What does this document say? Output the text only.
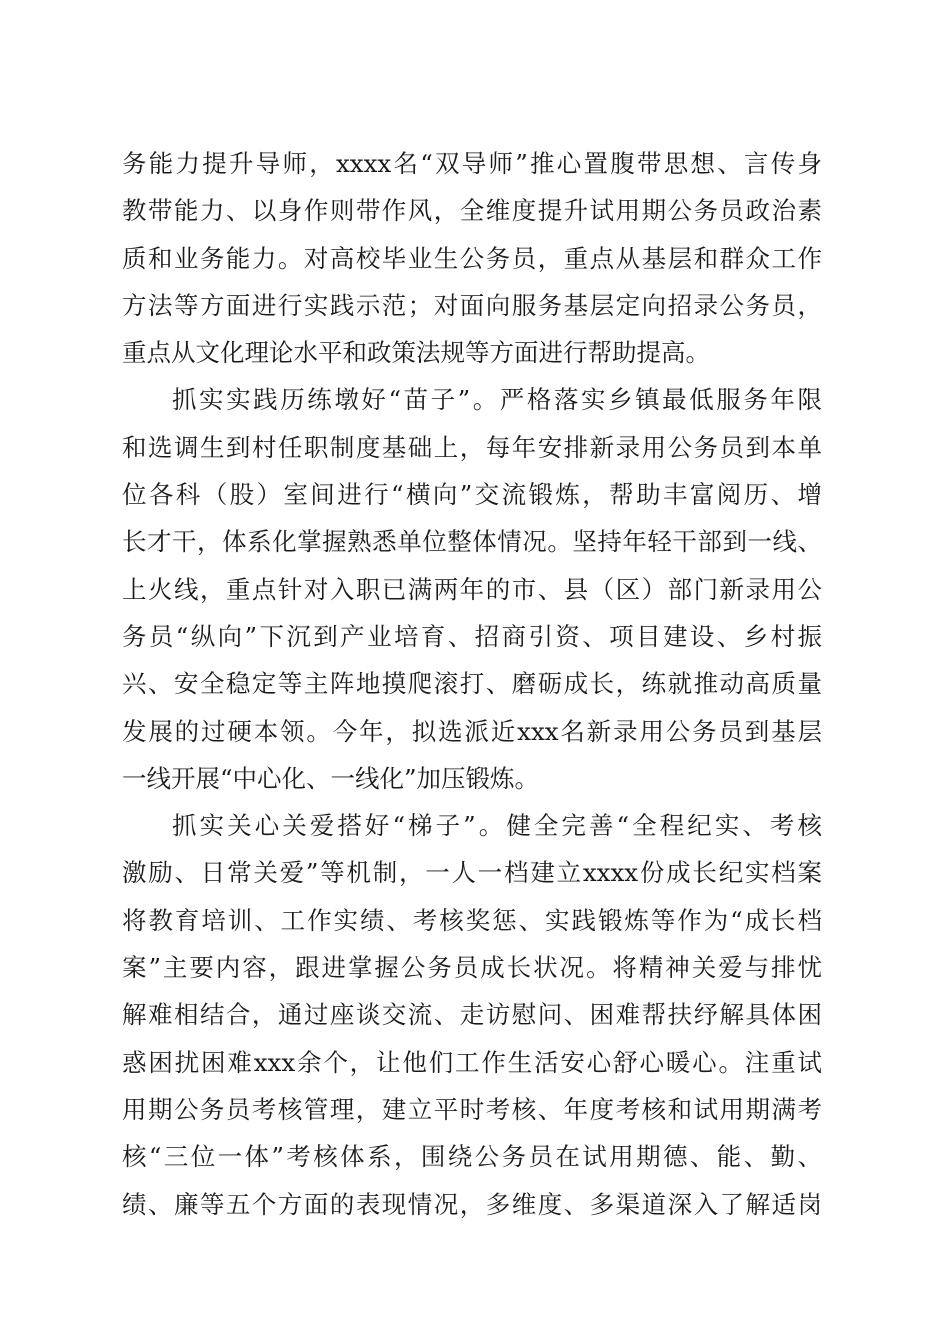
务能力提升导师，xxxx名“双导师”推心置腹带思想、言传身
教带能力、以身作则带作风，全维度提升试用期公务员政治素
质和业务能力。对高校毕业生公务员，重点从基层和群众工作
方法等方面进行实践示范；对面向服务基层定向招录公务员，
重点从文化理论水平和政策法规等方面进行帮助提高。
抓实实践历练墩好“苗子”。严格落实乡镇最低服务年限
和选调生到村任职制度基础上，每年安排新录用公务员到本单
位各科（股）室间进行“横向”交流锻炼，帮助丰富阅历、增
长才干，体系化掌握熟悉单位整体情况。坚持年轻干部到一线、
上火线，重点针对入职已满两年的市、县（区）部门新录用公
务员“纵向”下沉到产业培育、招商引资、项目建设、乡村振
兴、安全稳定等主阵地摸爬滚打、磨砺成长，练就推动高质量
发展的过硬本领。今年，拟选派近xxx名新录用公务员到基层
一线开展“中心化、一线化”加压锻炼。
抓实关心关爱搭好“梯子”。健全完善“全程纪实、考核
激励、日常关爱”等机制，一人一档建立xxxx份成长纪实档案
将教育培训、工作实绩、考核奖惩、实践锻炼等作为“成长档
案”主要内容，跟进掌握公务员成长状况。将精神关爱与排忧
解难相结合，通过座谈交流、走访慰问、困难帮扶纾解具体困
惑困扰困难xxx余个，让他们工作生活安心舒心暖心。注重试
用期公务员考核管理，建立平时考核、年度考核和试用期满考
核“三位一体”考核体系，围绕公务员在试用期德、能、勤、
绩、廉等五个方面的表现情况，多维度、多渠道深入了解适岗
